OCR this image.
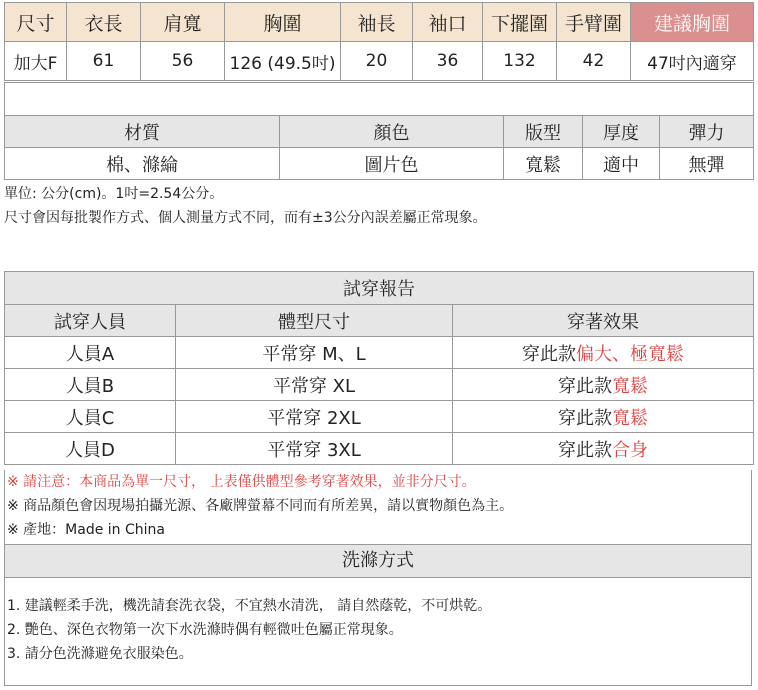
尺寸	衣長	肩寬	胸圍	袖長	袖口	下擺圍	手臂圍	建議胸圍
加大F	61	56	126 (49.5吋)	20	36	132	42	47吋內適穿

材質	顏色	版型	厚度	彈力
棉、滌綸	圖片色	寬鬆	適中	無彈
單位: 公分(cm)。1吋=2.54公分。
尺寸會因每批製作方式、個人測量方式不同，而有±3公分內誤差屬正常現象。
試穿報告		
試穿人員	體型尺寸	穿著效果
人員A	平常穿 M、L	穿此款偏大、極寬鬆
人員B	平常穿 XL	穿此款寬鬆
人員C	平常穿 2XL	穿此款寬鬆
人員D	平常穿 3XL	穿此款合身
※ 請注意：本商品為單一尺寸， 上表僅供體型參考穿著效果，並非分尺寸。
※ 商品顏色會因現場拍攝光源、各廠牌螢幕不同而有所差異，請以實物顏色為主。
※ 產地：Made in China
洗滌方式
1. 建議輕柔手洗，機洗請套洗衣袋，不宜熱水清洗， 請自然蔭乾，不可烘乾。
2. 艷色、深色衣物第一次下水洗滌時偶有輕微吐色屬正常現象。
3. 請分色洗滌避免衣服染色。
